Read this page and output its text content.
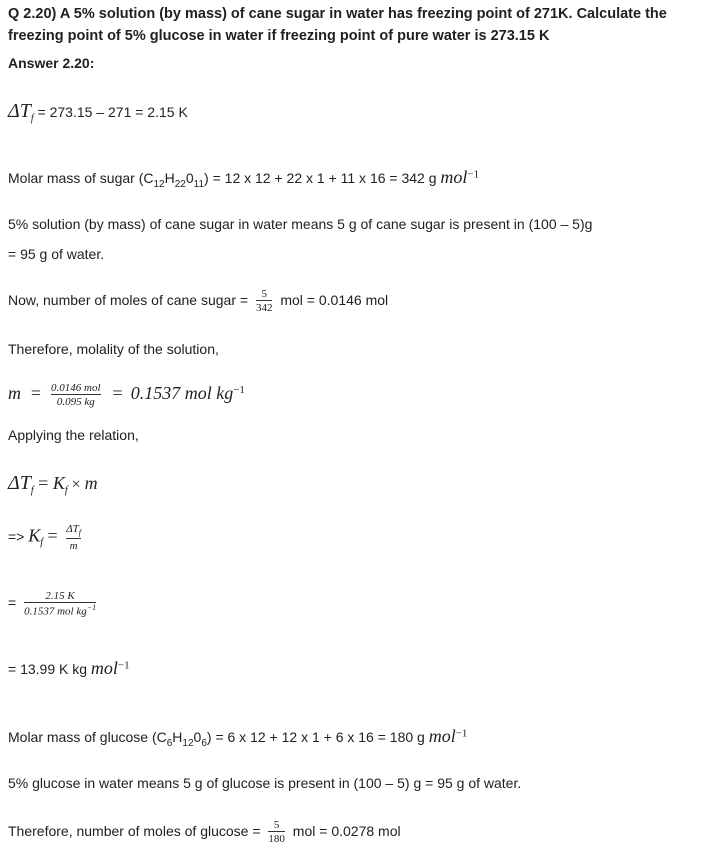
Q 2.20) A 5% solution (by mass) of cane sugar in water has freezing point of 271K. Calculate the freezing point of 5% glucose in water if freezing point of pure water is 273.15 K
Answer 2.20:
$\Delta T_f = 273.15 - 271 = 2.15$ K
Molar mass of sugar $(C_{12}H_{22}0_{11}) = 12$ x 12 + 22 x 1 + 11 x 16 = 342 g mol$^{-1}$
5% solution (by mass) of cane sugar in water means 5 g of cane sugar is present in (100 – 5)g
= 95 g of water.
Now, number of moles of cane sugar = $\frac{5}{342}$ mol = 0.0146 mol
Therefore, molality of the solution,
$m = \frac{\text{0.0146 mol}}{0.095 kg} = 0.1537$ mol $kg^{-1}$
Applying the relation,
$\Delta T_f = K_f \times m$
=> $K_f = \frac{\Delta T_f}{m}$
= $\frac{2.15 K}{0.1537 mol kg^{-1}}$
= 13.99 K kg mol$^{-1}$
Molar mass of glucose $(C_6H_{12}0_6) = 6$ x 12 + 12 x 1 + 6 x 16 = 180 g mol$^{-1}$
5% glucose in water means 5 g of glucose is present in (100 – 5) g = 95 g of water.
Therefore, number of moles of $glucose = \frac{5}{180}$ mol = 0.0278 mol
